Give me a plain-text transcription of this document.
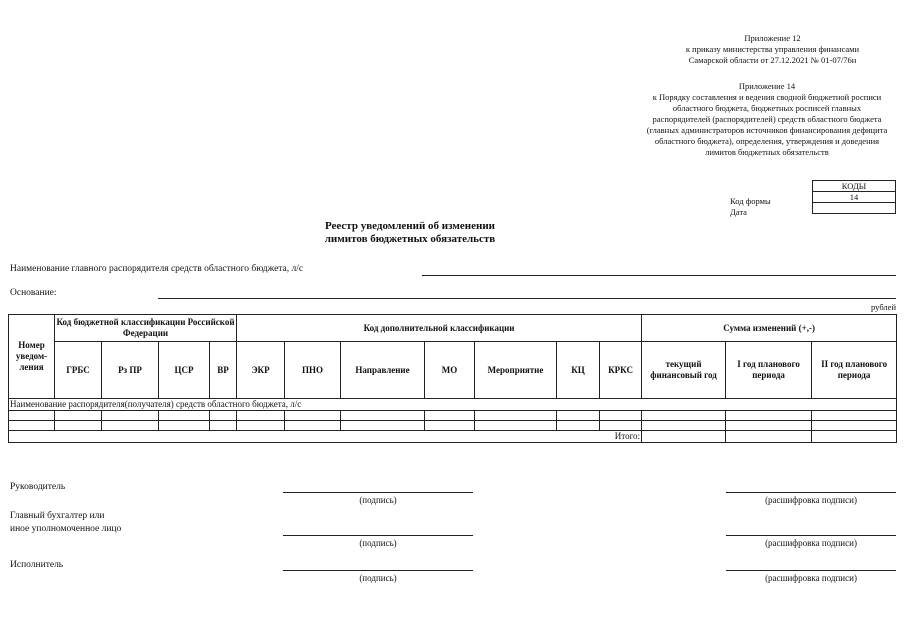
Приложение 12
к приказу министерства управления финансами
Самарской области от 27.12.2021 № 01-07/76н
Приложение 14
к Порядку составления и ведения сводной бюджетной росписи
областного бюджета, бюджетных росписей главных
распорядителей (распорядителей) средств областного бюджета
(главных администраторов источников финансирования дефицита
областного бюджета), определения, утверждения и доведения
лимитов бюджетных обязательств
КОДЫ
14

Код формы
Дата
Реестр уведомлений об изменении
лимитов бюджетных обязательств
Наименование главного распорядителя средств областного бюджета, л/с
Основание:
рублей
Номер уведом-ления	Код бюджетной классификации Российской Федерации				Код дополнительной классификации							Сумма изменений (+,-)		
	ГРБС	Рз ПР	ЦСР	ВР	ЭКР	ПНО	Направление	МО	Мероприятие	КЦ	КРКС	текущий финансовый год	I год планового периода	II год планового периода
Наименование распорядителя(получателя) средств областного бюджета, л/с														

Итого:														
Руководитель
(подпись)	(расшифровка подписи)
Главный бухгалтер или
иное уполномоченное лицо
(подпись)	(расшифровка подписи)
Исполнитель
(подпись)	(расшифровка подписи)
